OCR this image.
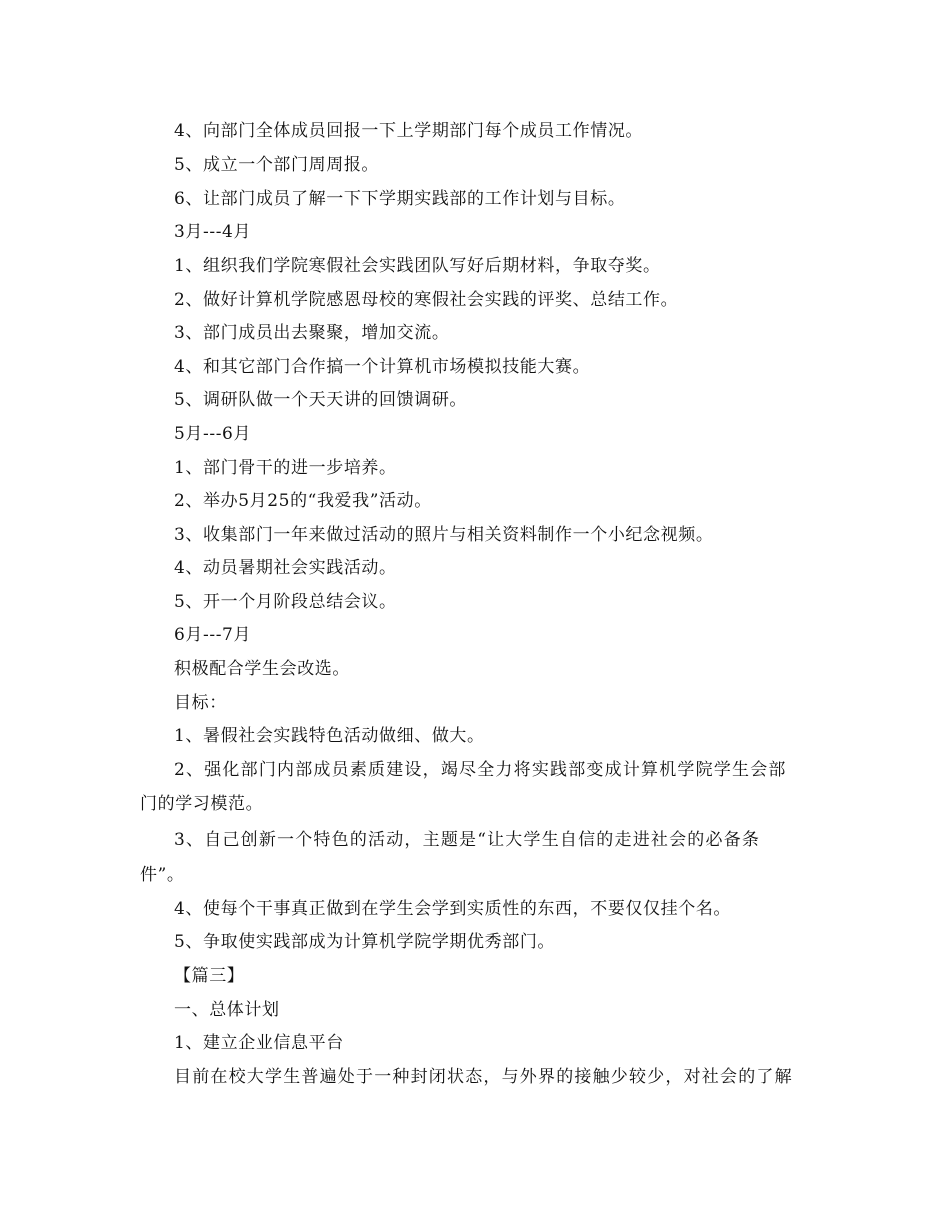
4、向部门全体成员回报一下上学期部门每个成员工作情况。
5、成立一个部门周周报。
6、让部门成员了解一下下学期实践部的工作计划与目标。
3月---4月
1、组织我们学院寒假社会实践团队写好后期材料，争取夺奖。
2、做好计算机学院感恩母校的寒假社会实践的评奖、总结工作。
3、部门成员出去聚聚，增加交流。
4、和其它部门合作搞一个计算机市场模拟技能大赛。
5、调研队做一个天天讲的回馈调研。
5月---6月
1、部门骨干的进一步培养。
2、举办5月25的“我爱我”活动。
3、收集部门一年来做过活动的照片与相关资料制作一个小纪念视频。
4、动员暑期社会实践活动。
5、开一个月阶段总结会议。
6月---7月
积极配合学生会改选。
目标：
1、暑假社会实践特色活动做细、做大。
2、强化部门内部成员素质建设，竭尽全力将实践部变成计算机学院学生会部
门的学习模范。
3、自己创新一个特色的活动，主题是“让大学生自信的走进社会的必备条
件”。
4、使每个干事真正做到在学生会学到实质性的东西，不要仅仅挂个名。
5、争取使实践部成为计算机学院学期优秀部门。
【篇三】
一、总体计划
1、建立企业信息平台
目前在校大学生普遍处于一种封闭状态，与外界的接触少较少，对社会的了解
